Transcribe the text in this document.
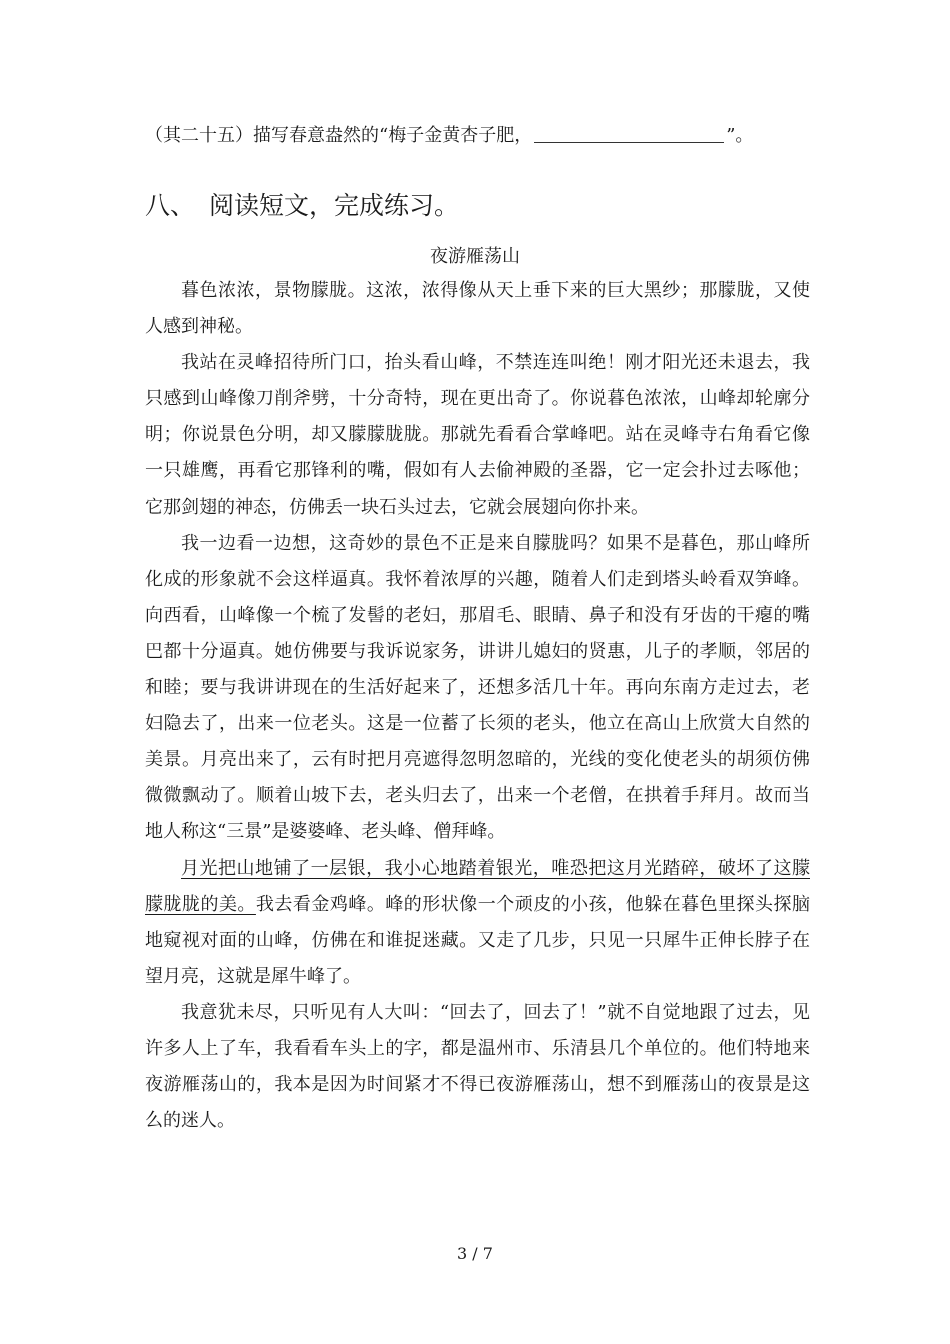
（其二十五）描写春意盎然的“梅子金黄杏子肥，	”。
八、 阅读短文，完成练习。
夜游雁荡山

暮色浓浓，景物朦胧。这浓，浓得像从天上垂下来的巨大黑纱；那朦胧，又使人感到神秘。

我站在灵峰招待所门口，抬头看山峰，不禁连连叫绝！刚才阳光还未退去，我只感到山峰像刀削斧劈，十分奇特，现在更出奇了。你说暮色浓浓，山峰却轮廓分明；你说景色分明，却又朦朦胧胧。那就先看看合掌峰吧。站在灵峰寺右角看它像一只雄鹰，再看它那锋利的嘴，假如有人去偷神殿的圣器，它一定会扑过去啄他；它那剑翅的神态，仿佛丢一块石头过去，它就会展翅向你扑来。

我一边看一边想，这奇妙的景色不正是来自朦胧吗？如果不是暮色，那山峰所化成的形象就不会这样逼真。我怀着浓厚的兴趣，随着人们走到塔头岭看双笋峰。向西看，山峰像一个梳了发髻的老妇，那眉毛、眼睛、鼻子和没有牙齿的干瘪的嘴巴都十分逼真。她仿佛要与我诉说家务，讲讲儿媳妇的贤惠，儿子的孝顺，邻居的和睦；要与我讲讲现在的生活好起来了，还想多活几十年。再向东南方走过去，老妇隐去了，出来一位老头。这是一位蓄了长须的老头，他立在高山上欣赏大自然的美景。月亮出来了，云有时把月亮遮得忽明忽暗的，光线的变化使老头的胡须仿佛微微飘动了。顺着山坡下去，老头归去了，出来一个老僧，在拱着手拜月。故而当地人称这“三景”是婆婆峰、老头峰、僧拜峰。

月光把山地铺了一层银，我小心地踏着银光，唯恐把这月光踏碎，破坏了这朦朦胧胧的美。我去看金鸡峰。峰的形状像一个顽皮的小孩，他躲在暮色里探头探脑地窥视对面的山峰，仿佛在和谁捉迷藏。又走了几步，只见一只犀牛正伸长脖子在望月亮，这就是犀牛峰了。

我意犹未尽，只听见有人大叫：“回去了，回去了！”就不自觉地跟了过去，见许多人上了车，我看看车头上的字，都是温州市、乐清县几个单位的。他们特地来夜游雁荡山的，我本是因为时间紧才不得已夜游雁荡山，想不到雁荡山的夜景是这么的迷人。

3 / 7
